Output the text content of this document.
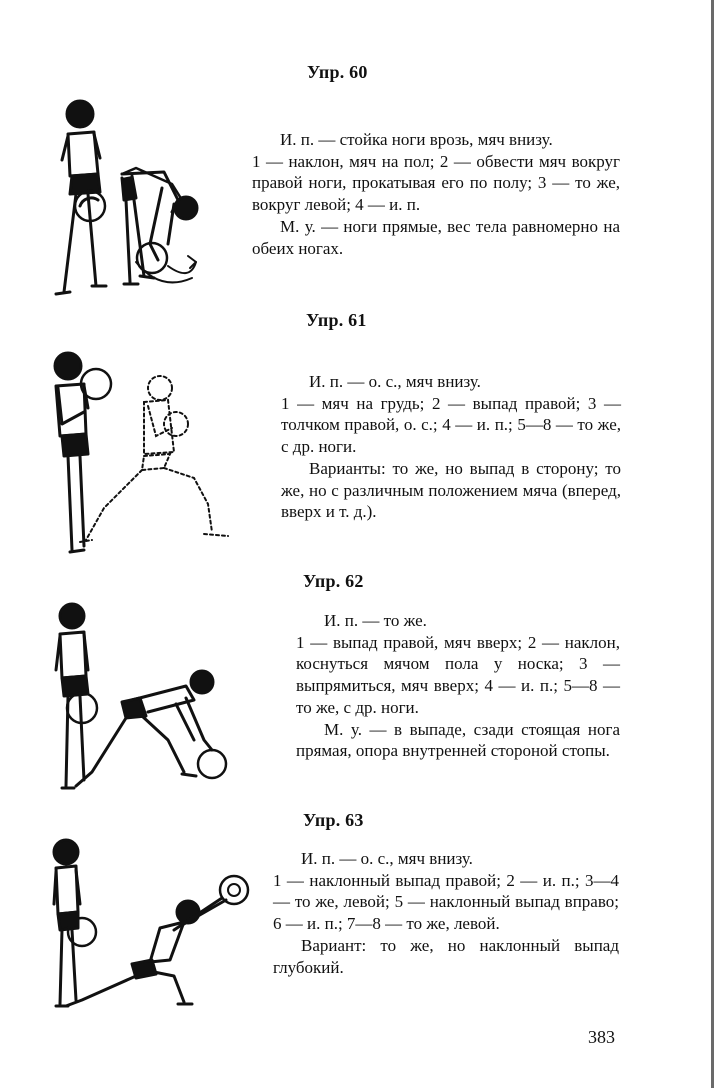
Упр. 60

И. п. — стойка ноги врозь, мяч внизу.

1 — наклон, мяч на пол; 2 — обвести мяч вокруг правой ноги, прокатывая его по полу; 3 — то же, вокруг левой; 4 — и. п.

М. у. — ноги прямые, вес тела равномерно на обеих ногах.

Упр. 61

И. п. — о. с., мяч внизу.

1 — мяч на грудь; 2 — выпад правой; 3 — толчком правой, о. с.; 4 — и. п.; 5—8 — то же, с др. ноги.

Варианты: то же, но выпад в сторону; то же, но с различным положением мяча (вперед, вверх и т. д.).

Упр. 62

И. п. — то же.

1 — выпад правой, мяч вверх; 2 — наклон, коснуться мячом пола у носка; 3 — выпрямиться, мяч вверх; 4 — и. п.; 5—8 — то же, с др. ноги.

М. у. — в выпаде, сзади стоящая нога прямая, опора внутренней стороной стопы.

Упр. 63

И. п. — о. с., мяч внизу.

1 — наклонный выпад правой; 2 — и. п.; 3—4 — то же, левой; 5 — наклонный выпад вправо; 6 — и. п.; 7—8 — то же, левой.

Вариант: то же, но наклонный выпад глубокий.

383
